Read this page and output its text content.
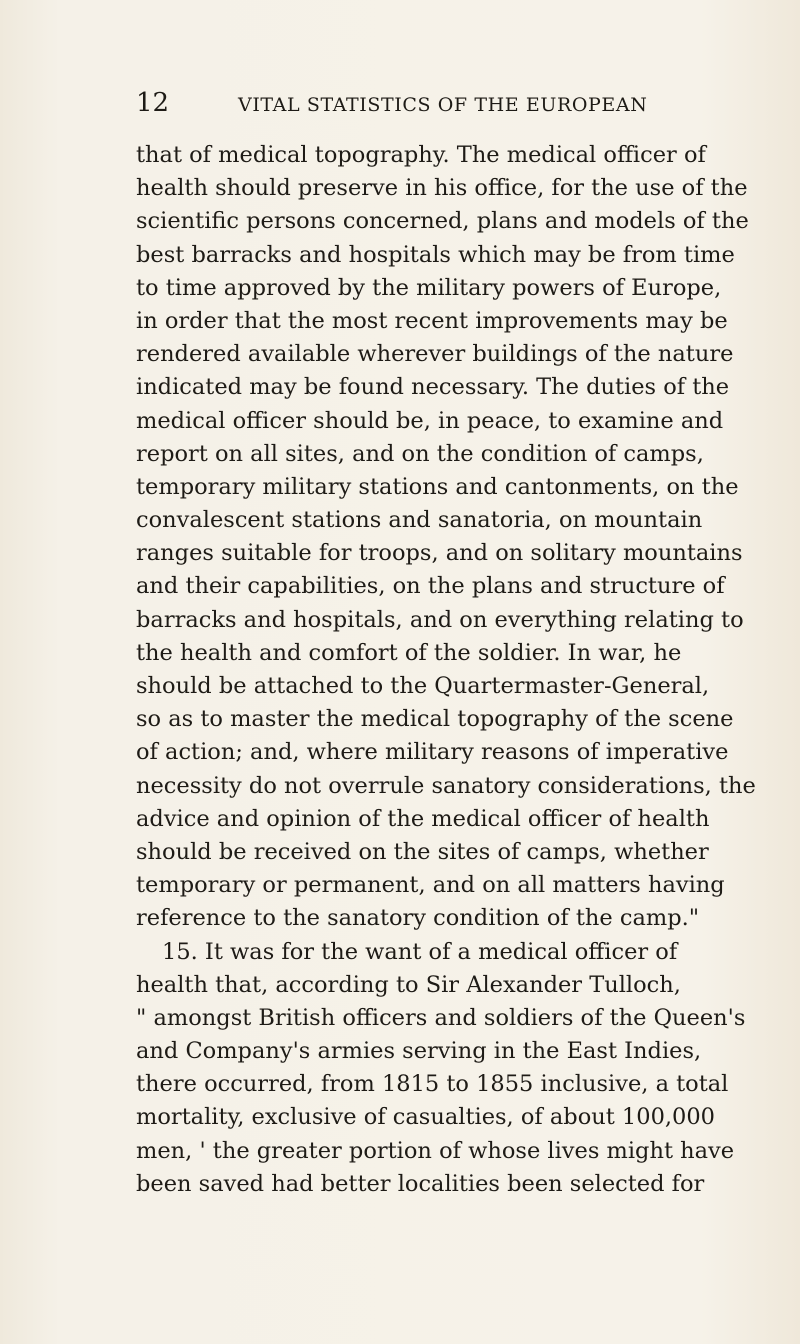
12	VITAL STATISTICS OF THE EUROPEAN
that of medical topography. The medical officer of
health should preserve in his office, for the use of the
scientific persons concerned, plans and models of the
best barracks and hospitals which may be from time
to time approved by the military powers of Europe,
in order that the most recent improvements may be
rendered available wherever buildings of the nature
indicated may be found necessary. The duties of the
medical officer should be, in peace, to examine and
report on all sites, and on the condition of camps,
temporary military stations and cantonments, on the
convalescent stations and sanatoria, on mountain
ranges suitable for troops, and on solitary mountains
and their capabilities, on the plans and structure of
barracks and hospitals, and on everything relating to
the health and comfort of the soldier. In war, he
should be attached to the Quartermaster-General,
so as to master the medical topography of the scene
of action; and, where military reasons of imperative
necessity do not overrule sanatory considerations, the
advice and opinion of the medical officer of health
should be received on the sites of camps, whether
temporary or permanent, and on all matters having
reference to the sanatory condition of the camp."
15. It was for the want of a medical officer of
health that, according to Sir Alexander Tulloch,
" amongst British officers and soldiers of the Queen's
and Company's armies serving in the East Indies,
there occurred, from 1815 to 1855 inclusive, a total
mortality, exclusive of casualties, of about 100,000
men, ' the greater portion of whose lives might have
been saved had better localities been selected for
